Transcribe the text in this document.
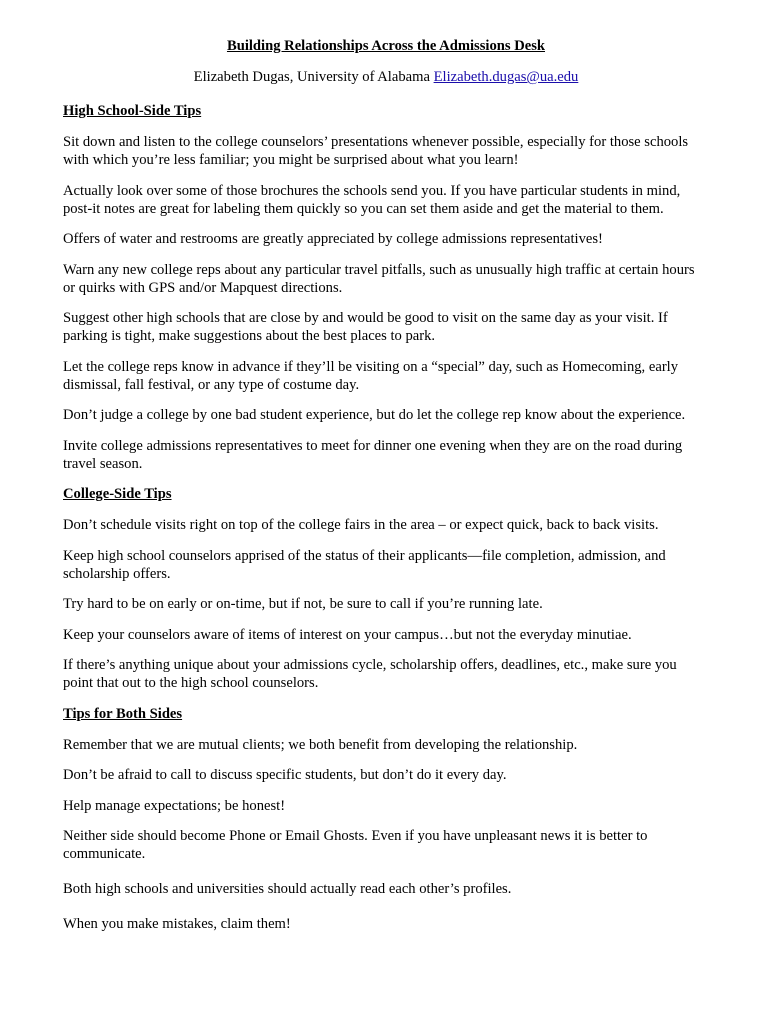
Building Relationships Across the Admissions Desk
Elizabeth Dugas, University of Alabama Elizabeth.dugas@ua.edu
High School-Side Tips

Sit down and listen to the college counselors’ presentations whenever possible, especially for those schools with which you’re less familiar; you might be surprised about what you learn!

Actually look over some of those brochures the schools send you. If you have particular students in mind, post-it notes are great for labeling them quickly so you can set them aside and get the material to them.

Offers of water and restrooms are greatly appreciated by college admissions representatives!

Warn any new college reps about any particular travel pitfalls, such as unusually high traffic at certain hours or quirks with GPS and/or Mapquest directions.

Suggest other high schools that are close by and would be good to visit on the same day as your visit. If parking is tight, make suggestions about the best places to park.

Let the college reps know in advance if they’ll be visiting on a “special” day, such as Homecoming, early dismissal, fall festival, or any type of costume day.

Don’t judge a college by one bad student experience, but do let the college rep know about the experience.

Invite college admissions representatives to meet for dinner one evening when they are on the road during travel season.

College-Side Tips

Don’t schedule visits right on top of the college fairs in the area – or expect quick, back to back visits.

Keep high school counselors apprised of the status of their applicants—file completion, admission, and scholarship offers.

Try hard to be on early or on-time, but if not, be sure to call if you’re running late.

Keep your counselors aware of items of interest on your campus…but not the everyday minutiae.

If there’s anything unique about your admissions cycle, scholarship offers, deadlines, etc., make sure you point that out to the high school counselors.

Tips for Both Sides

Remember that we are mutual clients; we both benefit from developing the relationship.

Don’t be afraid to call to discuss specific students, but don’t do it every day.

Help manage expectations; be honest!

Neither side should become Phone or Email Ghosts. Even if you have unpleasant news it is better to communicate.

Both high schools and universities should actually read each other’s profiles.

When you make mistakes, claim them!
